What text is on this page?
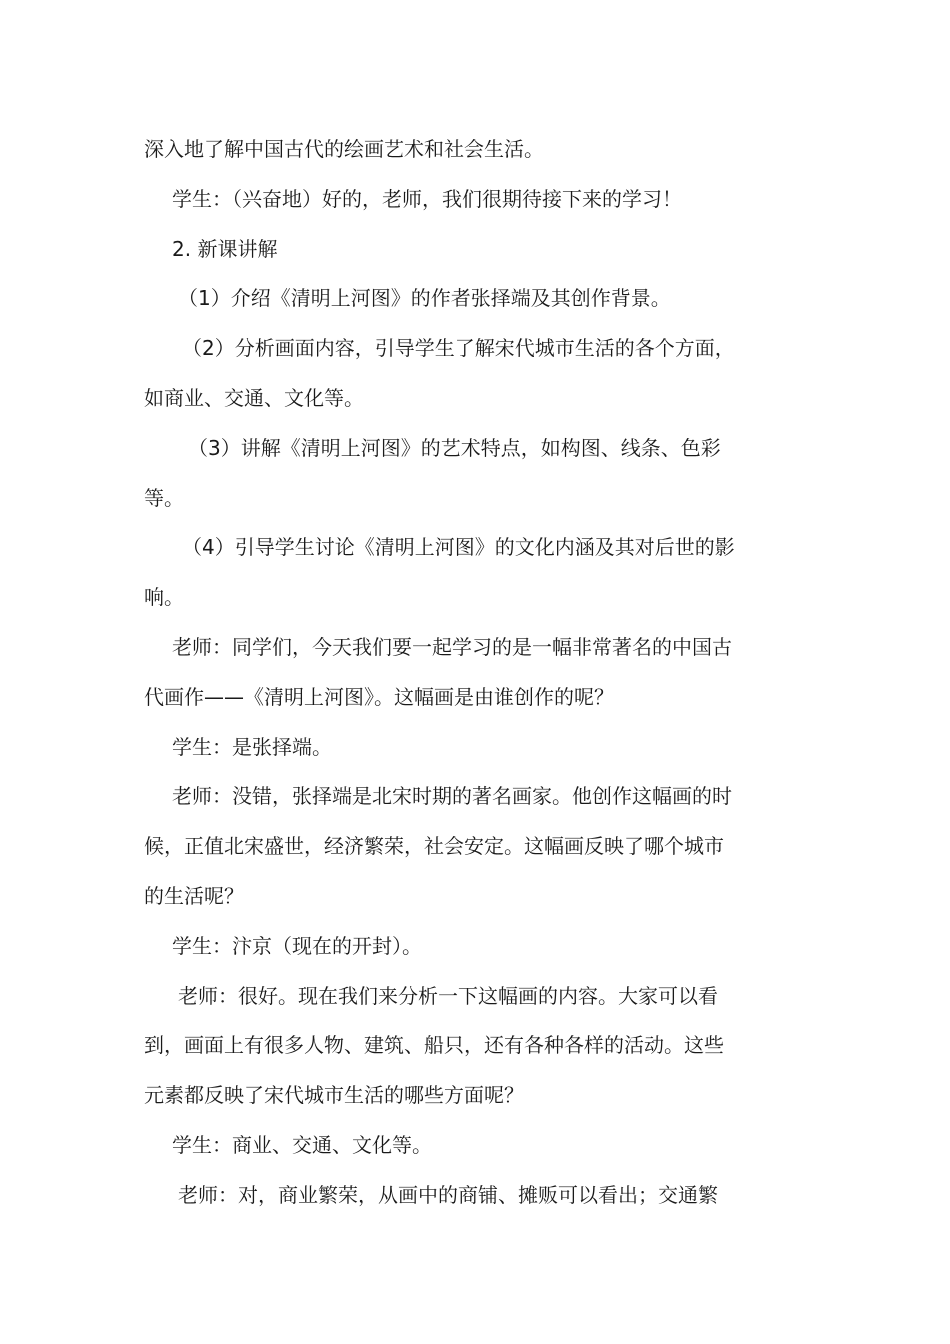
深入地了解中国古代的绘画艺术和社会生活。
学生：（兴奋地）好的，老师，我们很期待接下来的学习！
2. 新课讲解
（1）介绍《清明上河图》的作者张择端及其创作背景。
（2）分析画面内容，引导学生了解宋代城市生活的各个方面，
如商业、交通、文化等。
（3）讲解《清明上河图》的艺术特点，如构图、线条、色彩
等。
（4）引导学生讨论《清明上河图》的文化内涵及其对后世的影
响。
老师：同学们，今天我们要一起学习的是一幅非常著名的中国古
代画作——《清明上河图》。这幅画是由谁创作的呢？
学生：是张择端。
老师：没错，张择端是北宋时期的著名画家。他创作这幅画的时
候，正值北宋盛世，经济繁荣，社会安定。这幅画反映了哪个城市
的生活呢？
学生：汴京（现在的开封）。
老师：很好。现在我们来分析一下这幅画的内容。大家可以看
到，画面上有很多人物、建筑、船只，还有各种各样的活动。这些
元素都反映了宋代城市生活的哪些方面呢？
学生：商业、交通、文化等。
老师：对，商业繁荣，从画中的商铺、摊贩可以看出；交通繁
